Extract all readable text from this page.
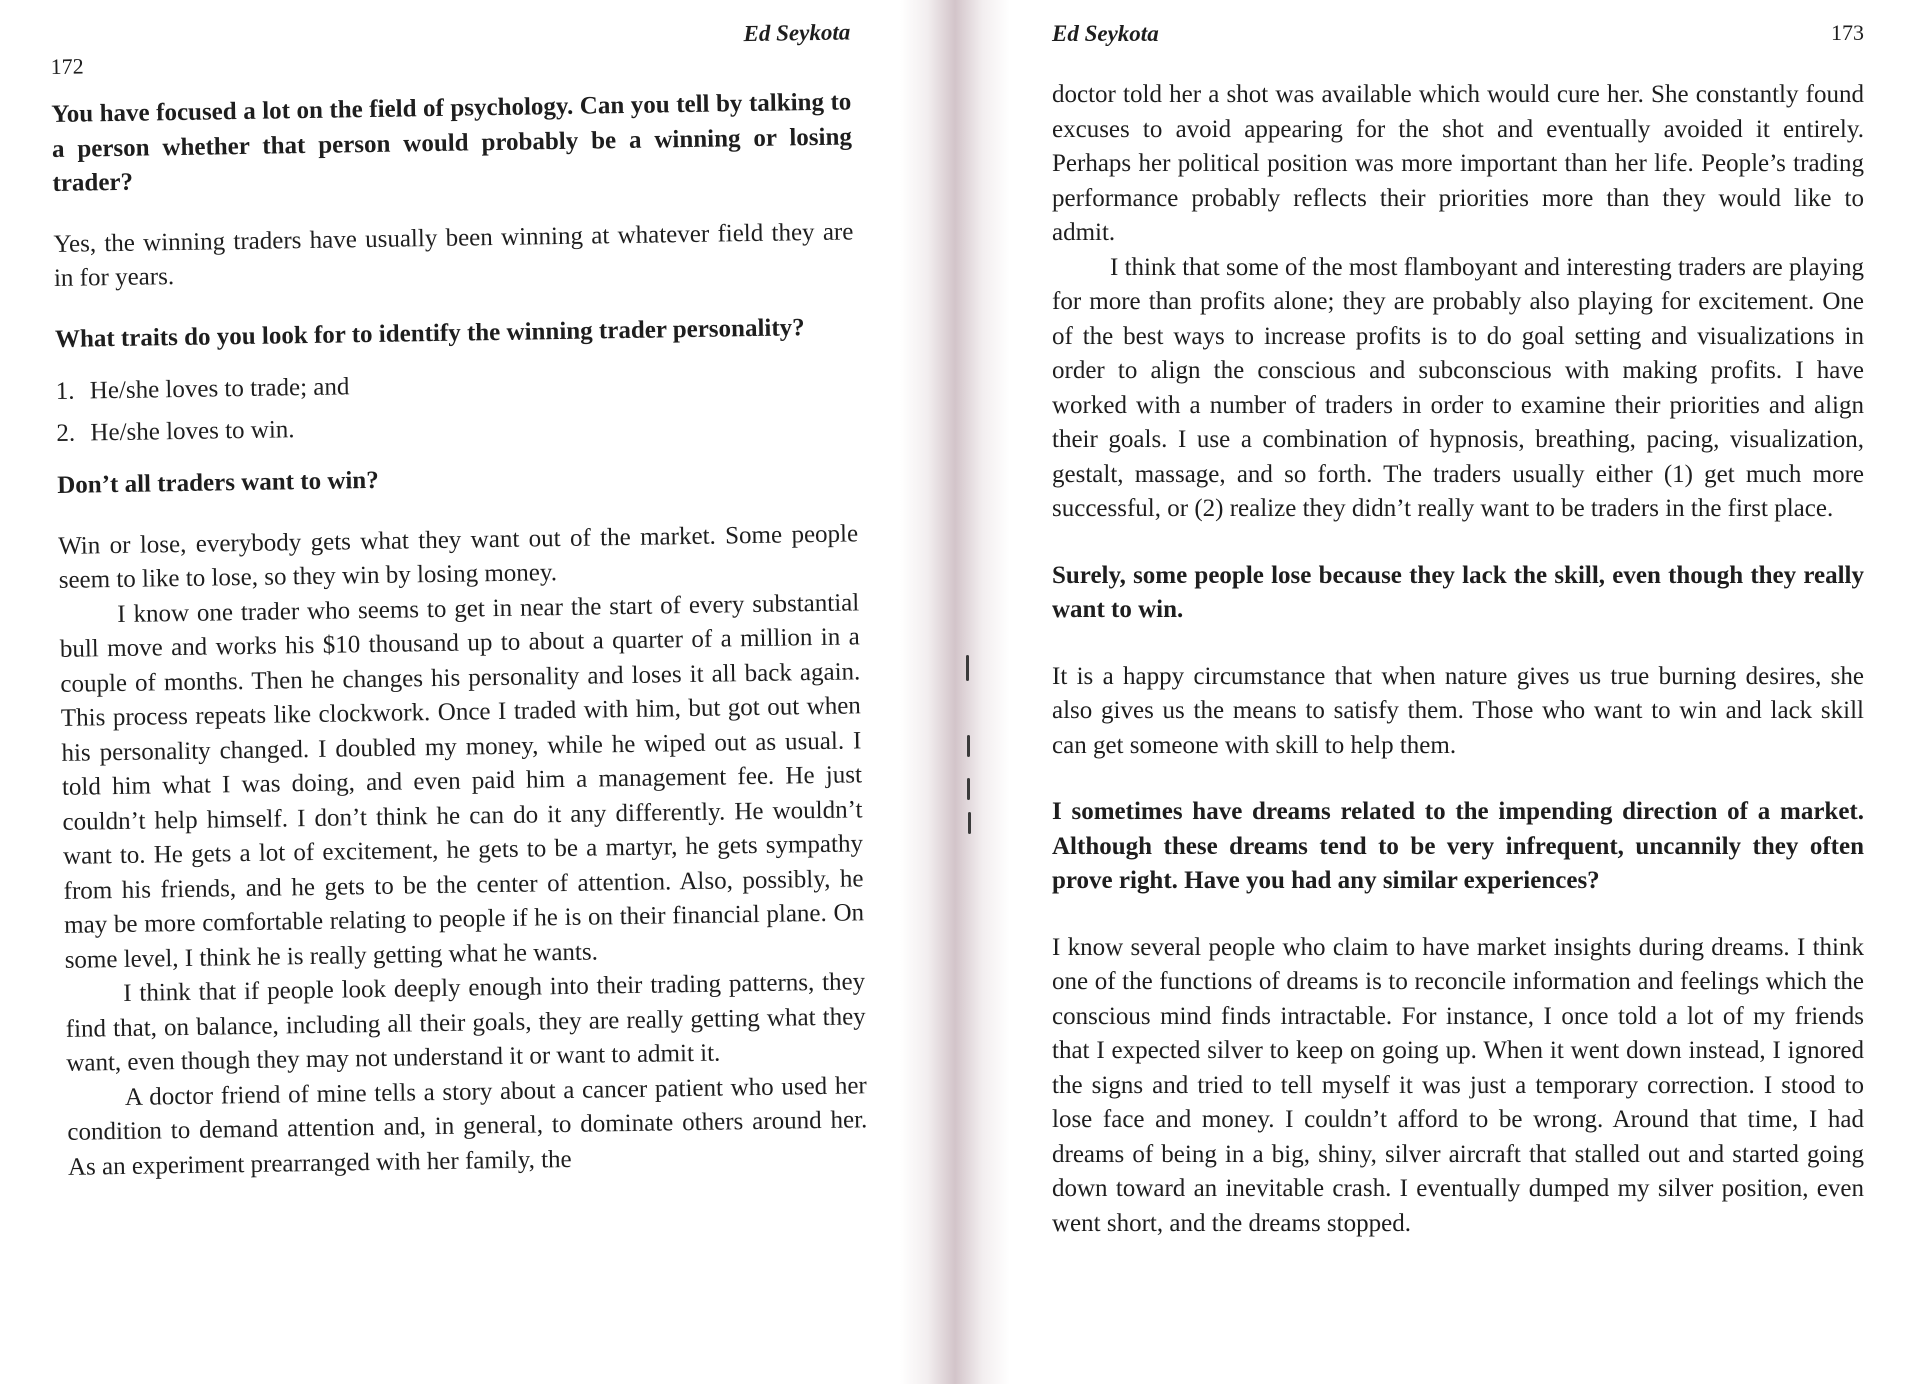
172
Ed Seykota

You have focused a lot on the field of psychology. Can you tell by talking to a person whether that person would probably be a winning or losing trader?

Yes, the winning traders have usually been winning at whatever field they are in for years.

What traits do you look for to identify the winning trader personality?

1. He/she loves to trade; and
2. He/she loves to win.

Don’t all traders want to win?

Win or lose, everybody gets what they want out of the market. Some people seem to like to lose, so they win by losing money.

I know one trader who seems to get in near the start of every substantial bull move and works his $10 thousand up to about a quarter of a million in a couple of months. Then he changes his personality and loses it all back again. This process repeats like clockwork. Once I traded with him, but got out when his personality changed. I doubled my money, while he wiped out as usual. I told him what I was doing, and even paid him a management fee. He just couldn’t help himself. I don’t think he can do it any differently. He wouldn’t want to. He gets a lot of excitement, he gets to be a martyr, he gets sympathy from his friends, and he gets to be the center of attention. Also, possibly, he may be more comfortable relating to people if he is on their financial plane. On some level, I think he is really getting what he wants.

I think that if people look deeply enough into their trading patterns, they find that, on balance, including all their goals, they are really getting what they want, even though they may not understand it or want to admit it.

A doctor friend of mine tells a story about a cancer patient who used her condition to demand attention and, in general, to dominate others around her. As an experiment prearranged with her family, the

Ed Seykota	173

doctor told her a shot was available which would cure her. She constantly found excuses to avoid appearing for the shot and eventually avoided it entirely. Perhaps her political position was more important than her life. People’s trading performance probably reflects their priorities more than they would like to admit.

I think that some of the most flamboyant and interesting traders are playing for more than profits alone; they are probably also playing for excitement. One of the best ways to increase profits is to do goal setting and visualizations in order to align the conscious and subconscious with making profits. I have worked with a number of traders in order to examine their priorities and align their goals. I use a combination of hypnosis, breathing, pacing, visualization, gestalt, massage, and so forth. The traders usually either (1) get much more successful, or (2) realize they didn’t really want to be traders in the first place.

Surely, some people lose because they lack the skill, even though they really want to win.

It is a happy circumstance that when nature gives us true burning desires, she also gives us the means to satisfy them. Those who want to win and lack skill can get someone with skill to help them.

I sometimes have dreams related to the impending direction of a market. Although these dreams tend to be very infrequent, uncannily they often prove right. Have you had any similar experiences?

I know several people who claim to have market insights during dreams. I think one of the functions of dreams is to reconcile information and feelings which the conscious mind finds intractable. For instance, I once told a lot of my friends that I expected silver to keep on going up. When it went down instead, I ignored the signs and tried to tell myself it was just a temporary correction. I stood to lose face and money. I couldn’t afford to be wrong. Around that time, I had dreams of being in a big, shiny, silver aircraft that stalled out and started going down toward an inevitable crash. I eventually dumped my silver position, even went short, and the dreams stopped.
